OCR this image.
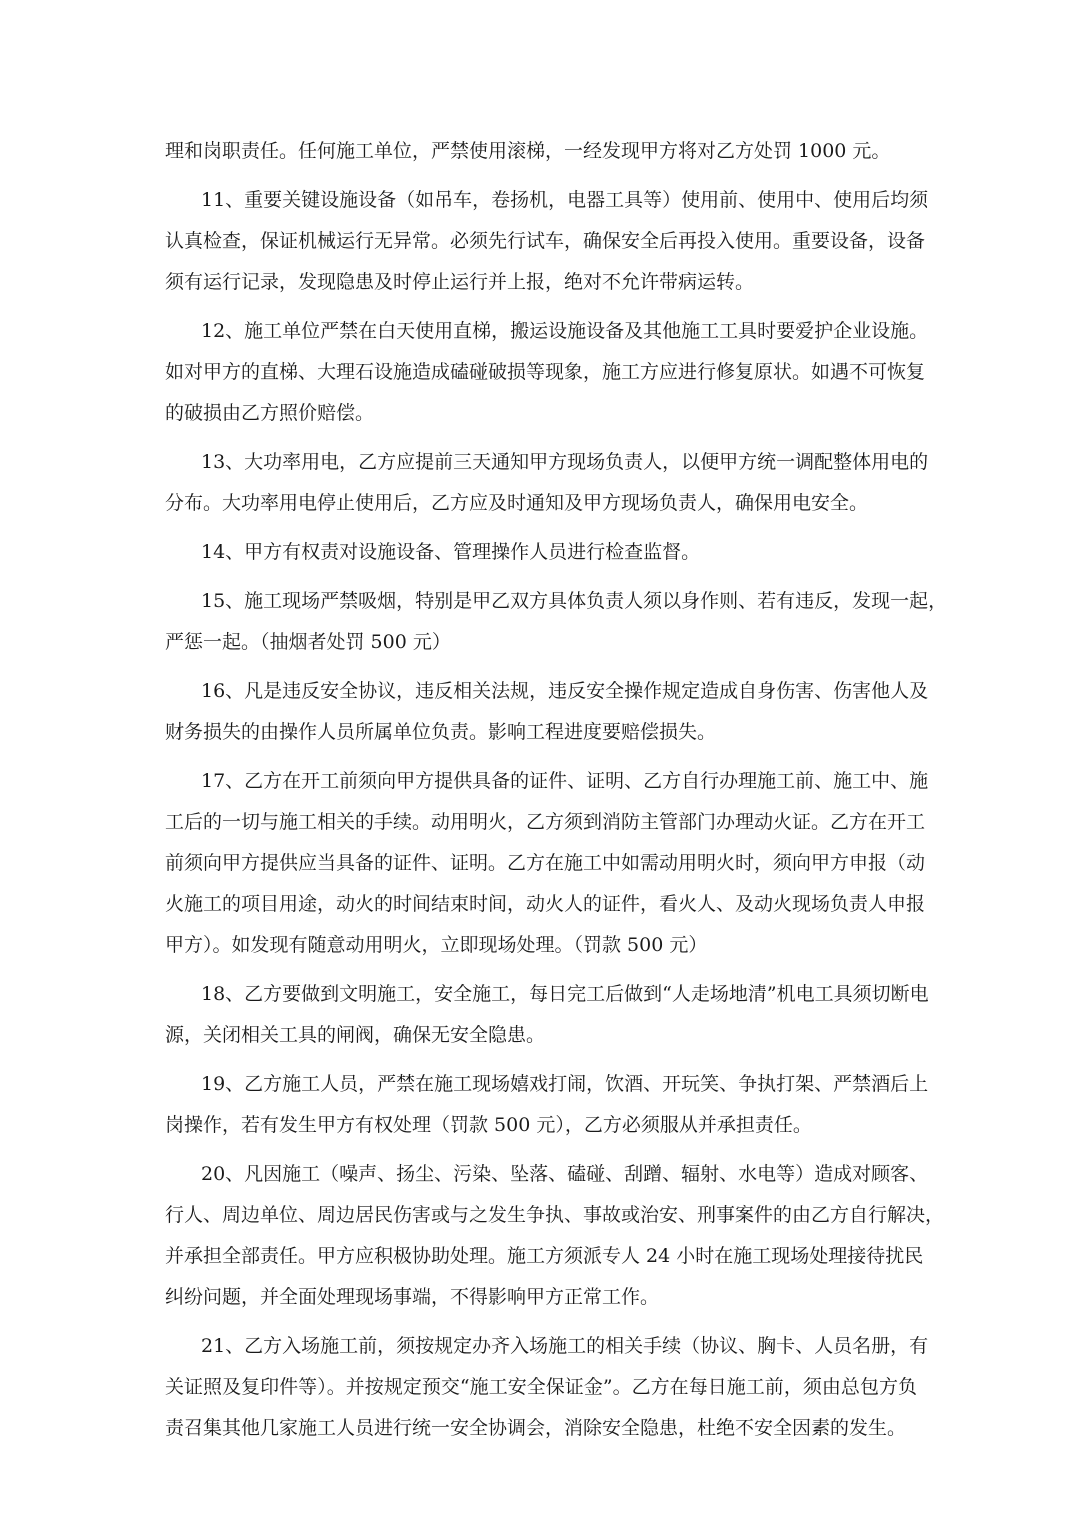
理和岗职责任。任何施工单位，严禁使用滚梯，一经发现甲方将对乙方处罚 1000 元。
11、重要关键设施设备（如吊车，卷扬机，电器工具等）使用前、使用中、使用后均须
认真检查，保证机械运行无异常。必须先行试车，确保安全后再投入使用。重要设备，设备
须有运行记录，发现隐患及时停止运行并上报，绝对不允许带病运转。
12、施工单位严禁在白天使用直梯，搬运设施设备及其他施工工具时要爱护企业设施。
如对甲方的直梯、大理石设施造成磕碰破损等现象，施工方应进行修复原状。如遇不可恢复
的破损由乙方照价赔偿。
13、大功率用电，乙方应提前三天通知甲方现场负责人，以便甲方统一调配整体用电的
分布。大功率用电停止使用后，乙方应及时通知及甲方现场负责人，确保用电安全。
14、甲方有权责对设施设备、管理操作人员进行检查监督。
15、施工现场严禁吸烟，特别是甲乙双方具体负责人须以身作则、若有违反，发现一起，
严惩一起。（抽烟者处罚 500 元）
16、凡是违反安全协议，违反相关法规，违反安全操作规定造成自身伤害、伤害他人及
财务损失的由操作人员所属单位负责。影响工程进度要赔偿损失。
17、乙方在开工前须向甲方提供具备的证件、证明、乙方自行办理施工前、施工中、施
工后的一切与施工相关的手续。动用明火，乙方须到消防主管部门办理动火证。乙方在开工
前须向甲方提供应当具备的证件、证明。乙方在施工中如需动用明火时，须向甲方申报（动
火施工的项目用途，动火的时间结束时间，动火人的证件，看火人、及动火现场负责人申报
甲方）。如发现有随意动用明火，立即现场处理。（罚款 500 元）
18、乙方要做到文明施工，安全施工，每日完工后做到“人走场地清”机电工具须切断电
源，关闭相关工具的闸阀，确保无安全隐患。
19、乙方施工人员，严禁在施工现场嬉戏打闹，饮酒、开玩笑、争执打架、严禁酒后上
岗操作，若有发生甲方有权处理（罚款 500 元），乙方必须服从并承担责任。
20、凡因施工（噪声、扬尘、污染、坠落、磕碰、刮蹭、辐射、水电等）造成对顾客、
行人、周边单位、周边居民伤害或与之发生争执、事故或治安、刑事案件的由乙方自行解决，
并承担全部责任。甲方应积极协助处理。施工方须派专人 24 小时在施工现场处理接待扰民
纠纷问题，并全面处理现场事端，不得影响甲方正常工作。
21、乙方入场施工前，须按规定办齐入场施工的相关手续（协议、胸卡、人员名册，有
关证照及复印件等）。并按规定预交“施工安全保证金”。乙方在每日施工前，须由总包方负
责召集其他几家施工人员进行统一安全协调会，消除安全隐患，杜绝不安全因素的发生。
